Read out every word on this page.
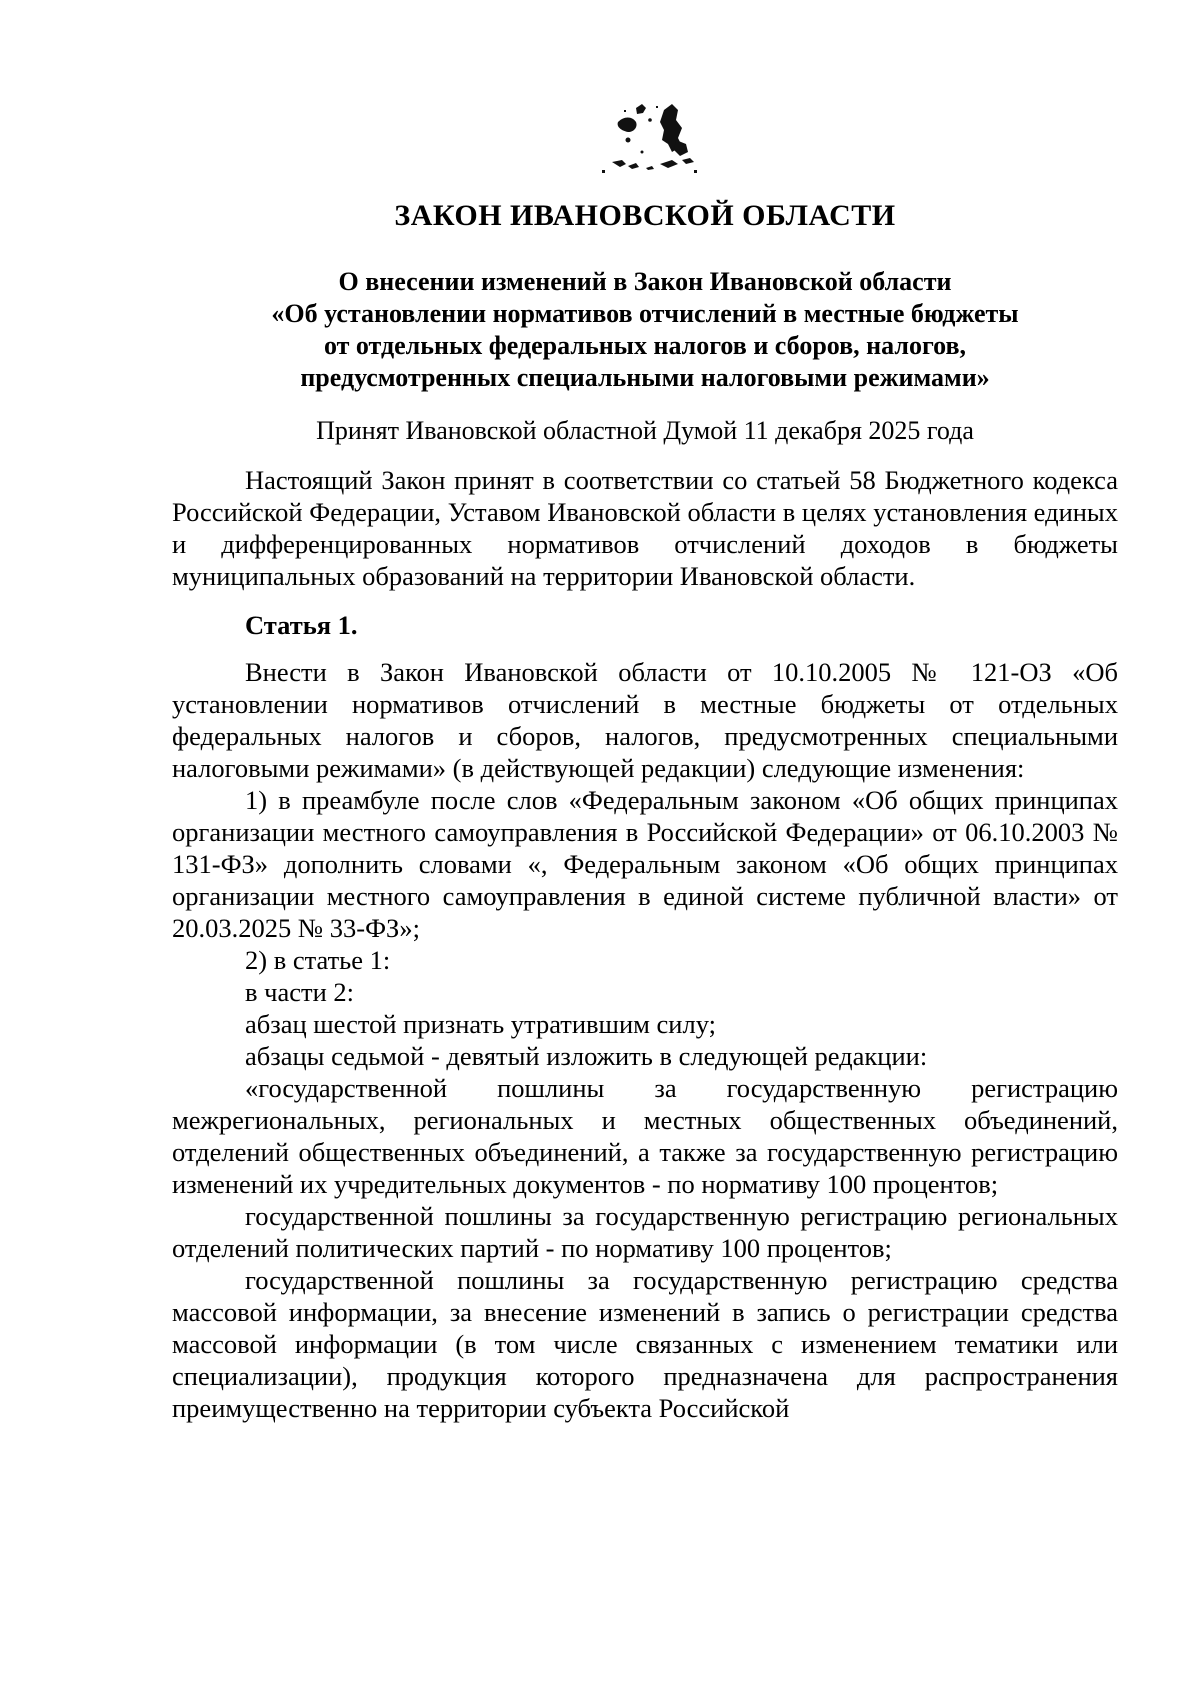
ЗАКОН ИВАНОВСКОЙ ОБЛАСТИ
О внесении изменений в Закон Ивановской области
«Об установлении нормативов отчислений в местные бюджеты
от отдельных федеральных налогов и сборов, налогов,
предусмотренных специальными налоговыми режимами»
Принят Ивановской областной Думой 11 декабря 2025 года

Настоящий Закон принят в соответствии со статьей 58 Бюджетного кодекса Российской Федерации, Уставом Ивановской области в целях установления единых и дифференцированных нормативов отчислений доходов в бюджеты муниципальных образований на территории Ивановской области.

Статья 1.

Внести в Закон Ивановской области от 10.10.2005 № 121-ОЗ «Об установлении нормативов отчислений в местные бюджеты от отдельных федеральных налогов и сборов, налогов, предусмотренных специальными налоговыми режимами» (в действующей редакции) следующие изменения:

1) в преамбуле после слов «Федеральным законом «Об общих принципах организации местного самоуправления в Российской Федерации» от 06.10.2003 № 131-ФЗ» дополнить словами «, Федеральным законом «Об общих принципах организации местного самоуправления в единой системе публичной власти» от 20.03.2025 № 33-ФЗ»;

2) в статье 1:

в части 2:

абзац шестой признать утратившим силу;

абзацы седьмой - девятый изложить в следующей редакции:

«государственной пошлины за государственную регистрацию межрегиональных, региональных и местных общественных объединений, отделений общественных объединений, а также за государственную регистрацию изменений их учредительных документов - по нормативу 100 процентов;

государственной пошлины за государственную регистрацию региональных отделений политических партий - по нормативу 100 процентов;

государственной пошлины за государственную регистрацию средства массовой информации, за внесение изменений в запись о регистрации средства массовой информации (в том числе связанных с изменением тематики или специализации), продукция которого предназначена для распространения преимущественно на территории субъекта Российской
